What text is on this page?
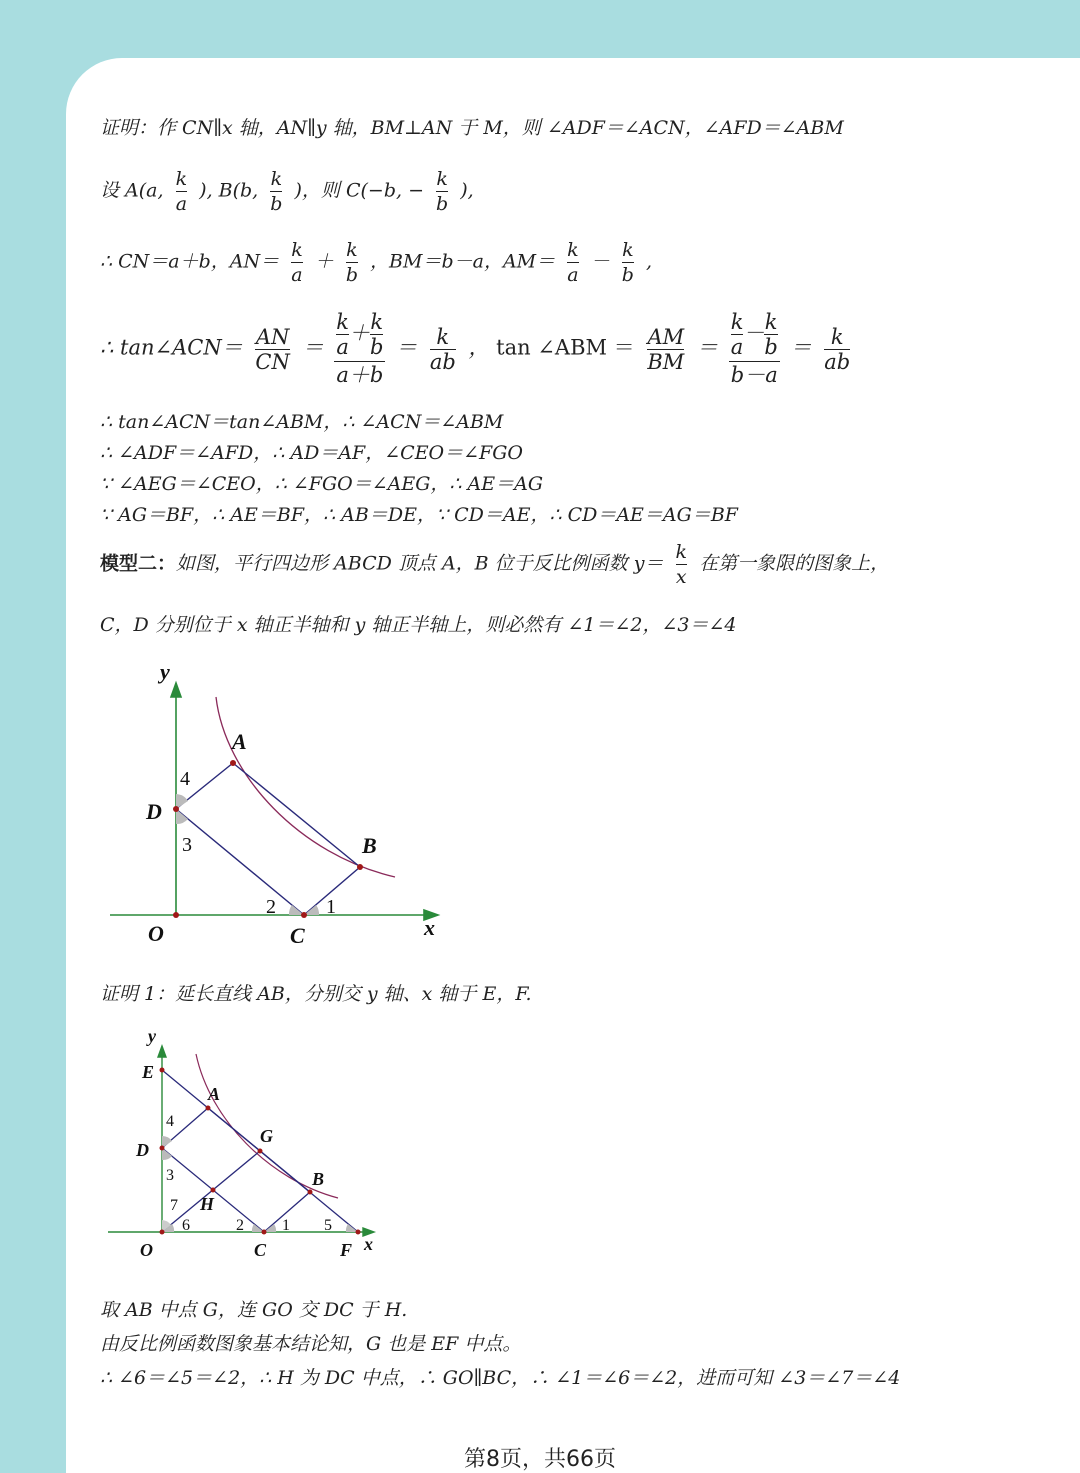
证明：作 CN∥x 轴，AN∥y 轴，BM⊥AN 于 M，则 ∠ADF＝∠ACN，∠AFD＝∠ABM
设 A(a, $\frac{k}{a}$ ), B(b, $\frac{k}{b}$ )，则 C(−b, − $\frac{k}{b}$ ),
∴ CN＝a＋b，$AN= \frac{k}{a} + \frac{k}{b}$ ，BM＝b－a，$AM= \frac{k}{a} - \frac{k}{b}$ ,
∴ tan∠ACN＝ $\frac{AN}{CN} = \frac{\frac{k}{a} + \frac{k}{b}}{a+b} = \frac{k}{ab}$ ， tan ∠ABM ＝ $\frac{AM}{BM} = \frac{\frac{k}{a} - \frac{k}{b}}{b-a} = \frac{k}{ab}$
∴ tan∠ACN＝tan∠ABM，∴ ∠ACN＝∠ABM
∴ ∠ADF＝∠AFD，∴ AD＝AF，∠CEO＝∠FGO
∵ ∠AEG＝∠CEO，∴ ∠FGO＝∠AEG，∴ AE＝AG
∵ AG＝BF，∴ AE＝BF，∴ AB＝DE，∵ CD＝AE，∴ CD＝AE＝AG＝BF
模型二：如图，平行四边形 ABCD 顶点 A，B 位于反比例函数 $y= \frac{k}{x}$ 在第一象限的图象上，
C，D 分别位于 x 轴正半轴和 y 轴正半轴上，则必然有 ∠1＝∠2，∠3＝∠4
y
x
O
A
B
C
D
4
3
2	1
证明 1：延长直线 AB，分别交 y 轴、x 轴于 E，F.
y
x
O
E
A
G
B
D
H
C	F
4
3
7
6	2 1 5
取 AB 中点 G，连 GO 交 DC 于 H.
由反比例函数图象基本结论知，G 也是 EF 中点。
∴ ∠6＝∠5＝∠2，∴ H 为 DC 中点，∴ GO∥BC，∴ ∠1＝∠6＝∠2，进而可知 ∠3＝∠7＝∠4
第8页，共66页
